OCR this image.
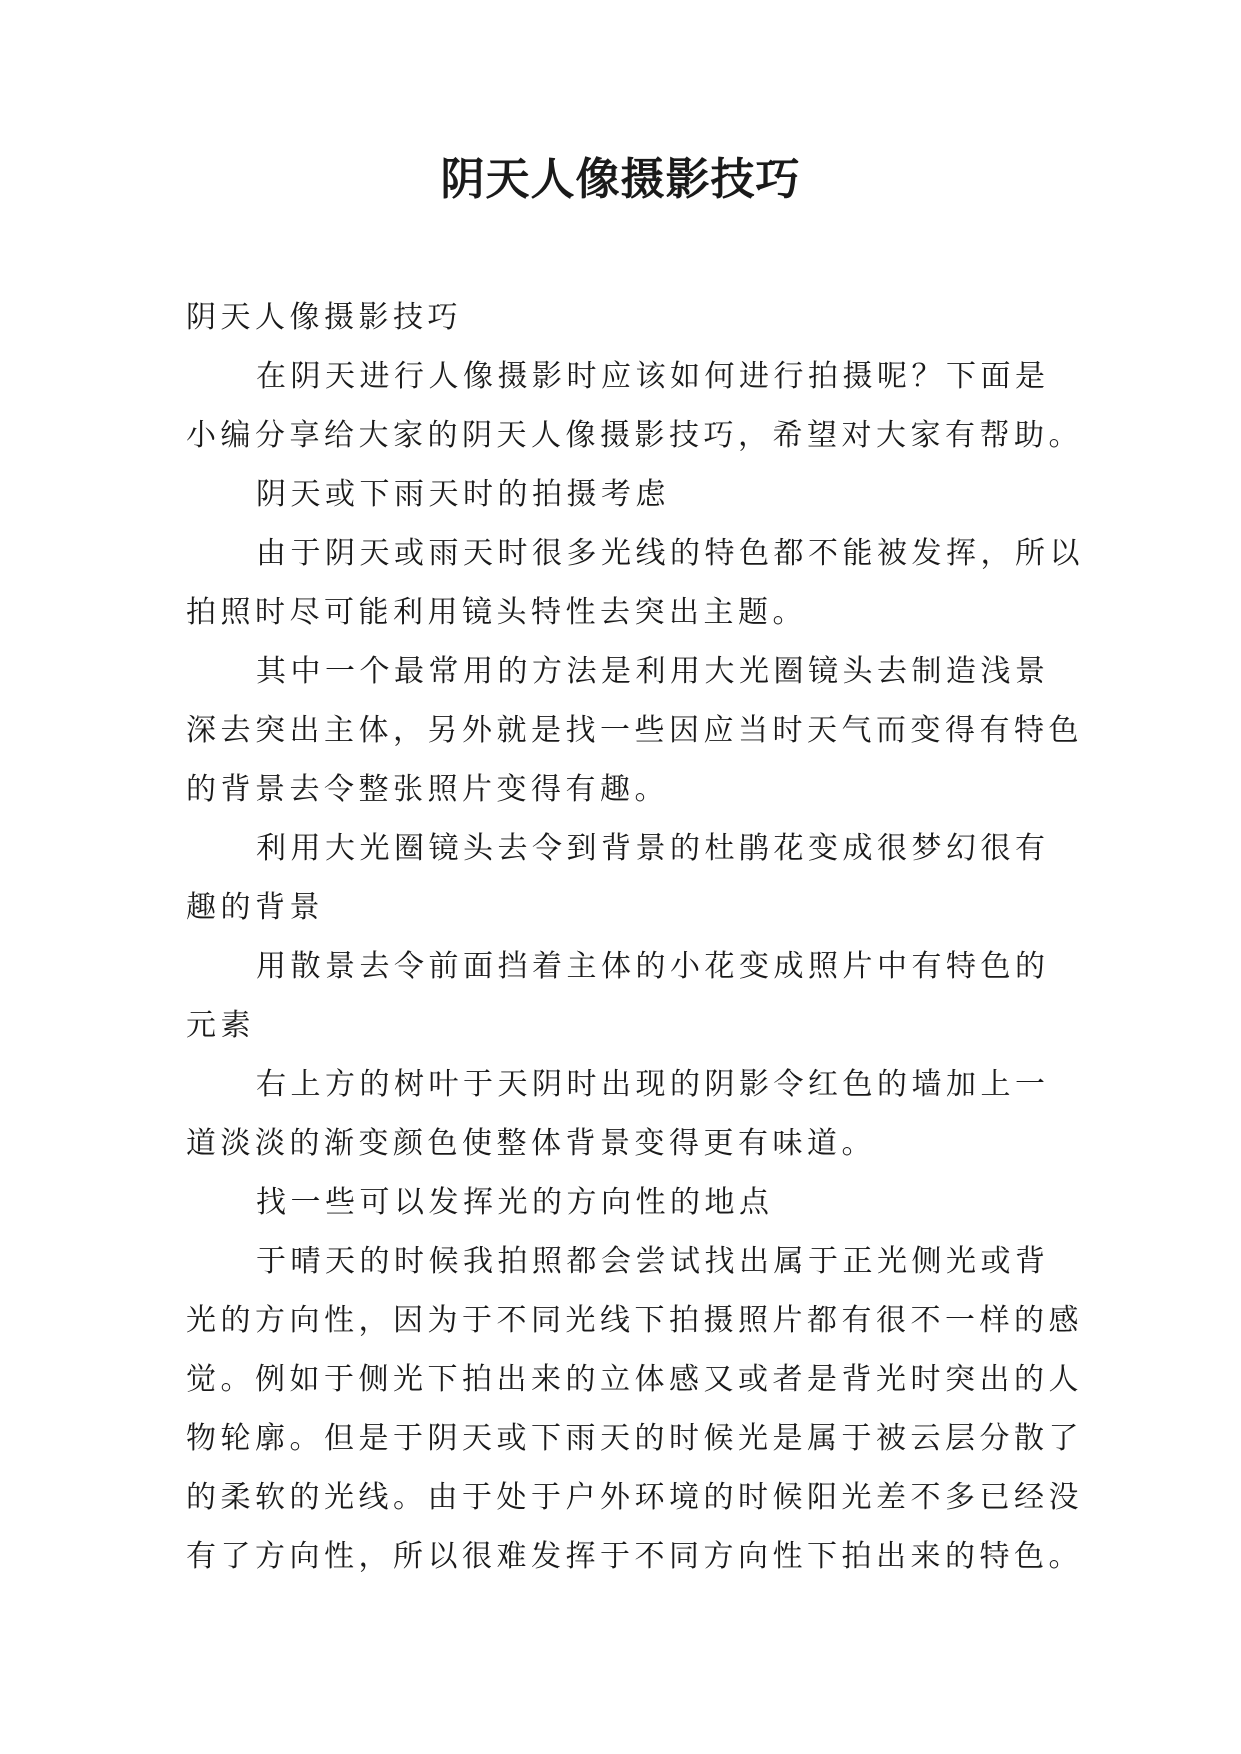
阴天人像摄影技巧

阴天人像摄影技巧

在阴天进行人像摄影时应该如何进行拍摄呢？下面是

小编分享给大家的阴天人像摄影技巧，希望对大家有帮助。

阴天或下雨天时的拍摄考虑

由于阴天或雨天时很多光线的特色都不能被发挥，所以

拍照时尽可能利用镜头特性去突出主题。

其中一个最常用的方法是利用大光圈镜头去制造浅景

深去突出主体，另外就是找一些因应当时天气而变得有特色

的背景去令整张照片变得有趣。

利用大光圈镜头去令到背景的杜鹃花变成很梦幻很有

趣的背景

用散景去令前面挡着主体的小花变成照片中有特色的

元素

右上方的树叶于天阴时出现的阴影令红色的墙加上一

道淡淡的渐变颜色使整体背景变得更有味道。

找一些可以发挥光的方向性的地点

于晴天的时候我拍照都会尝试找出属于正光侧光或背

光的方向性，因为于不同光线下拍摄照片都有很不一样的感

觉。例如于侧光下拍出来的立体感又或者是背光时突出的人

物轮廓。但是于阴天或下雨天的时候光是属于被云层分散了

的柔软的光线。由于处于户外环境的时候阳光差不多已经没

有了方向性，所以很难发挥于不同方向性下拍出来的特色。
